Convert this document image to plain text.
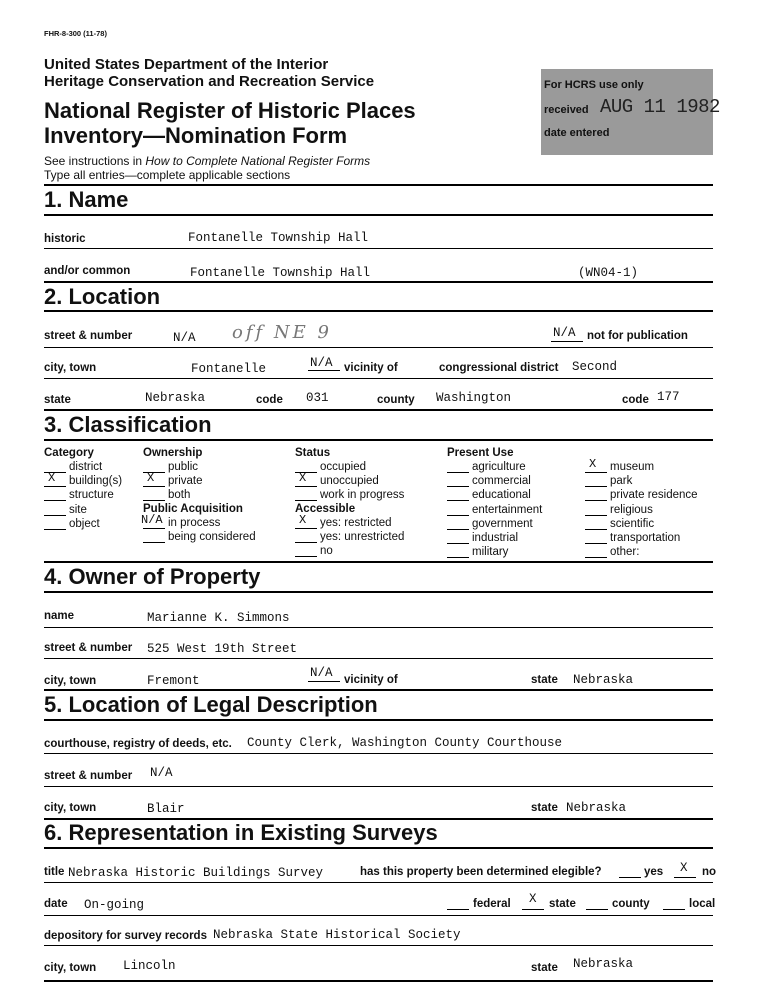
FHR-8-300 (11-78)
United States Department of the Interior
Heritage Conservation and Recreation Service
National Register of Historic Places
Inventory—Nomination Form
See instructions in How to Complete National Register Forms
Type all entries—complete applicable sections
For HCRS use only
received AUG 11 1982
date entered
1. Name
historic	Fontanelle Township Hall
and/or common	Fontanelle Township Hall	(WN04-1)
2. Location
street & number	N/A off NE 9	N/A not for publication
city, town	Fontanelle	N/A vicinity of	congressional district Second
state	Nebraska	code 031	county Washington	code 177
3. Classification
Category
district
X building(s)
structure
site
object
Ownership
public
X private
both
Public Acquisition
N/A in process
being considered
Status
occupied
X unoccupied
work in progress
Accessible
X yes: restricted
yes: unrestricted
no
Present Use
agriculture
commercial
educational
entertainment
government
industrial
military
X museum
park
private residence
religious
scientific
transportation
other:
4. Owner of Property
name	Marianne K. Simmons
street & number 525 West 19th Street
city, town	Fremont
N/A vicinity of	state Nebraska
5. Location of Legal Description
courthouse, registry of deeds, etc. County Clerk, Washington County Courthouse
street & number N/A
city, town	Blair	state Nebraska
6. Representation in Existing Surveys
title Nebraska Historic Buildings Survey	has this property been determined elegible?	yes X no
date On-going	federal X state	county	local
depository for survey records Nebraska State Historical Society
city, town Lincoln	state Nebraska
